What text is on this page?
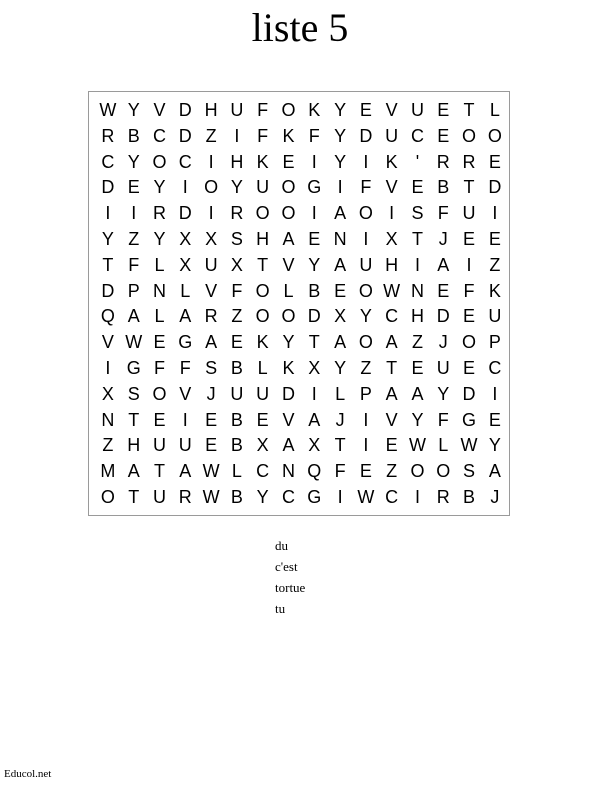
liste 5
W Y V D H U F O K Y E V U E T L
R B C D Z I F K F Y D U C E O O
C Y O C I H K E I Y I K	' R R E
D E Y I O Y U O G I F V E B T D
I	I R D I R O O I A O I S F U I
Y Z Y X X S H A E N I X T J E E
T F L X U X T V Y A U H I A I Z
D P N L V F O L B E O W N E F K
Q A L A R Z O O D X Y C H D E U
V W E G A E K Y T A O A Z J O P
I G F F S B L K X Y Z T E U E C
X S O V J U U D I	L P A A Y D I
N T E I E B E V A J	I V Y F G E
Z H U U E B X A X T I E W L W Y
M A T A W L C N Q F E Z O O S A
O T U R W B Y C G I W C I R B J
du
c'est
tortue
tu
Educol.net
